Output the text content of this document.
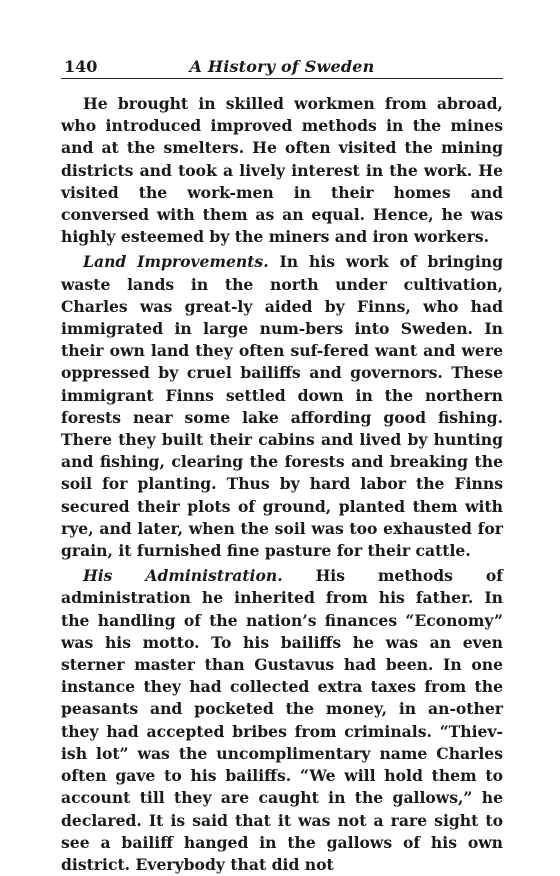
140	A History of Sweden

He brought in skilled workmen from abroad, who introduced improved methods in the mines and at the smelters. He often visited the mining districts and took a lively interest in the work. He visited the work-men in their homes and conversed with them as an equal. Hence, he was highly esteemed by the miners and iron workers.

Land Improvements. In his work of bringing waste lands in the north under cultivation, Charles was great-ly aided by Finns, who had immigrated in large num-bers into Sweden. In their own land they often suf-fered want and were oppressed by cruel bailiffs and governors. These immigrant Finns settled down in the northern forests near some lake affording good fishing. There they built their cabins and lived by hunting and fishing, clearing the forests and breaking the soil for planting. Thus by hard labor the Finns secured their plots of ground, planted them with rye, and later, when the soil was too exhausted for grain, it furnished fine pasture for their cattle.

His Administration. His methods of administration he inherited from his father. In the handling of the nation’s finances “Economy” was his motto. To his bailiffs he was an even sterner master than Gustavus had been. In one instance they had collected extra taxes from the peasants and pocketed the money, in an-other they had accepted bribes from criminals. “Thiev-ish lot” was the uncomplimentary name Charles often gave to his bailiffs. “We will hold them to account till they are caught in the gallows,” he declared. It is said that it was not a rare sight to see a bailiff hanged in the gallows of his own district. Everybody that did not
